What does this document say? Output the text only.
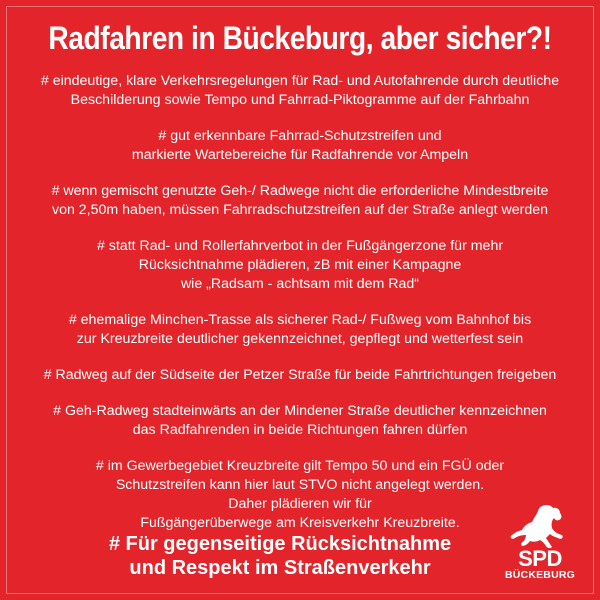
Radfahren in Bückeburg, aber sicher?!
# eindeutige, klare Verkehrsregelungen für Rad- und Autofahrende durch deutliche
Beschilderung sowie Tempo und Fahrrad-Piktogramme auf der Fahrbahn
# gut erkennbare Fahrrad-Schutzstreifen und
markierte Wartebereiche für Radfahrende vor Ampeln
# wenn gemischt genutzte Geh-/ Radwege nicht die erforderliche Mindestbreite
von 2,50m haben, müssen Fahrradschutzstreifen auf der Straße anlegt werden
# statt Rad- und Rollerfahrverbot in der Fußgängerzone für mehr
Rücksichtnahme plädieren, zB mit einer Kampagne
wie „Radsam - achtsam mit dem Rad“
# ehemalige Minchen-Trasse als sicherer Rad-/ Fußweg vom Bahnhof bis
zur Kreuzbreite deutlicher gekennzeichnet, gepflegt und wetterfest sein
# Radweg auf der Südseite der Petzer Straße für beide Fahrtrichtungen freigeben
# Geh-Radweg stadteinwärts an der Mindener Straße deutlicher kennzeichnen
das Radfahrenden in beide Richtungen fahren dürfen
# im Gewerbegebiet Kreuzbreite gilt Tempo 50 und ein FGÜ oder
Schutzstreifen kann hier laut STVO nicht angelegt werden.
Daher plädieren wir für
Fußgängerüberwege am Kreisverkehr Kreuzbreite.
# Für gegenseitige Rücksichtnahme
und Respekt im Straßenverkehr	SPD
BÜCKEBURG
